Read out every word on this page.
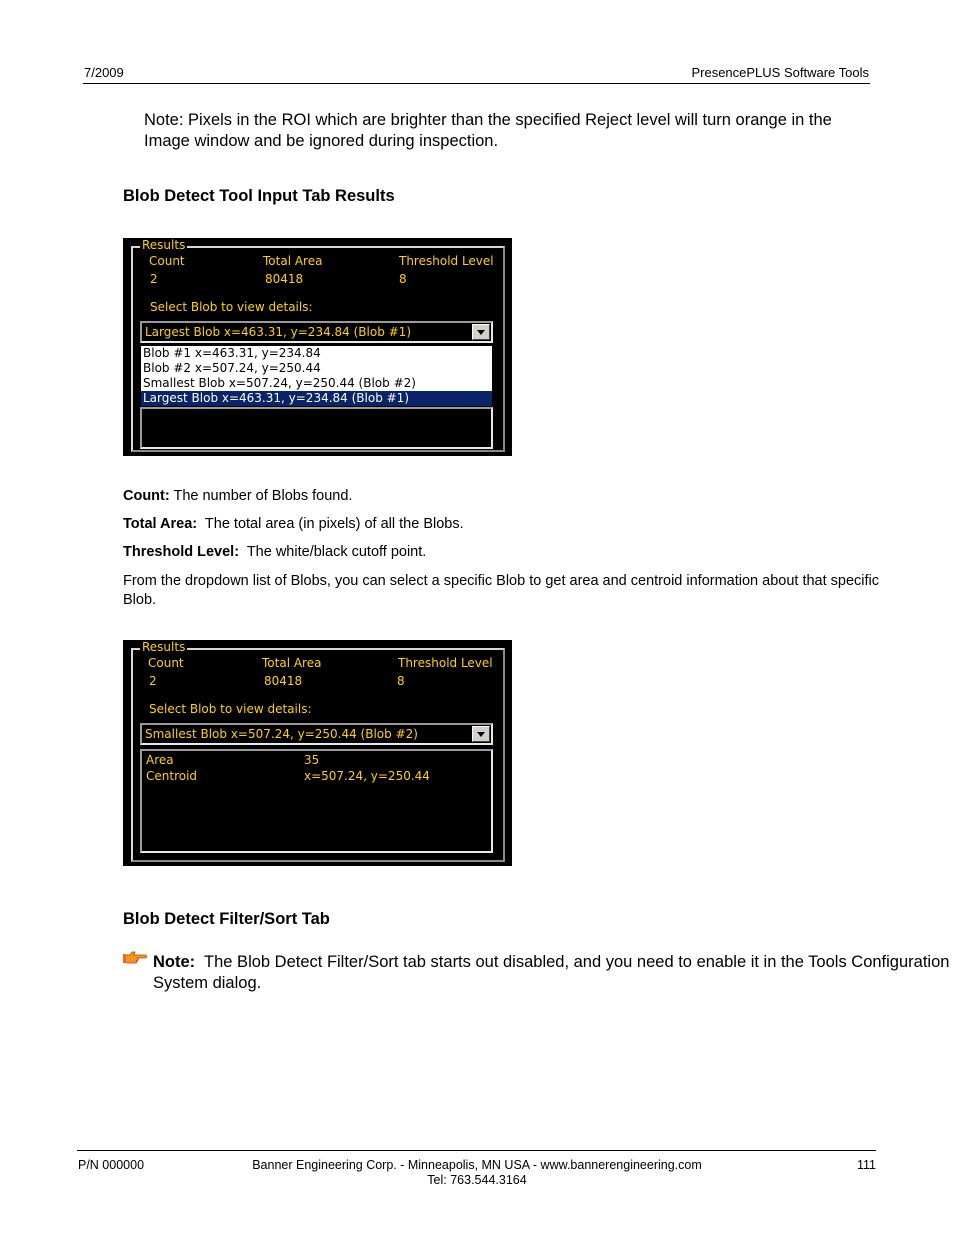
7/2009	PresencePLUS Software Tools
Note: Pixels in the ROI which are brighter than the specified Reject level will turn orange in the Image window and be ignored during inspection.
Blob Detect Tool Input Tab Results
Results
Count	Total Area	Threshold Level
2	80418	8
Select Blob to view details:
Largest Blob x=463.31, y=234.84 (Blob #1)
Blob #1 x=463.31, y=234.84
Blob #2 x=507.24, y=250.44
Smallest Blob x=507.24, y=250.44 (Blob #2)
Largest Blob x=463.31, y=234.84 (Blob #1)
Count: The number of Blobs found.
Total Area:  The total area (in pixels) of all the Blobs.
Threshold Level:  The white/black cutoff point.
From the dropdown list of Blobs, you can select a specific Blob to get area and centroid information about that specific Blob.
Results
Count	Total Area	Threshold Level
2	80418	8
Select Blob to view details:
Smallest Blob x=507.24, y=250.44 (Blob #2)
Area	35
Centroid	x=507.24, y=250.44
Blob Detect Filter/Sort Tab
Note:  The Blob Detect Filter/Sort tab starts out disabled, and you need to enable it in the Tools Configuration System dialog.
P/N 000000	Banner Engineering Corp. - Minneapolis, MN USA - www.bannerengineering.com
Tel: 763.544.3164
111
